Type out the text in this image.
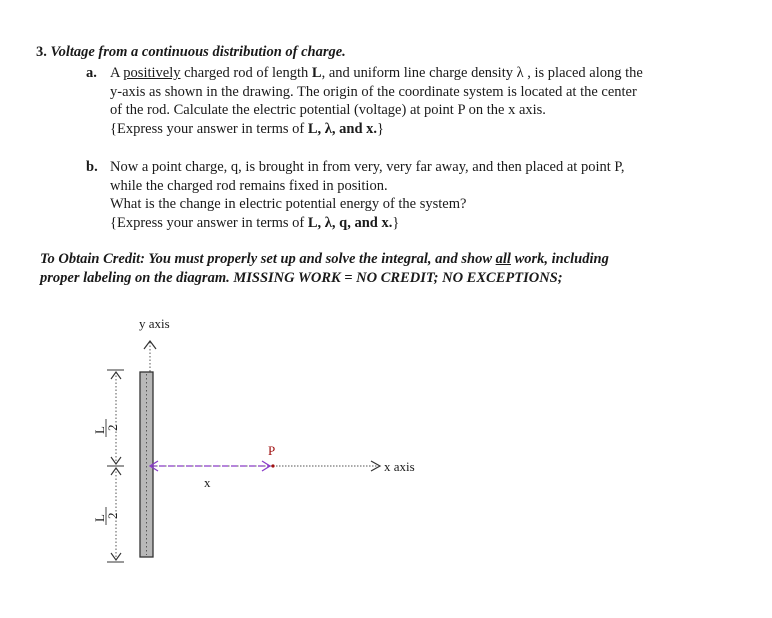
3. Voltage from a continuous distribution of charge.
a. A positively charged rod of length L, and uniform line charge density λ , is placed along the
y-axis as shown in the drawing. The origin of the coordinate system is located at the center
of the rod. Calculate the electric potential (voltage) at point P on the x axis.
{Express your answer in terms of L, λ, and x.}
b. Now a point charge, q, is brought in from very, very far away, and then placed at point P,
while the charged rod remains fixed in position.
What is the change in electric potential energy of the system?
{Express your answer in terms of L, λ, q, and x.}
To Obtain Credit: You must properly set up and solve the integral, and show all work, including
proper labeling on the diagram. MISSING WORK = NO CREDIT; NO EXCEPTIONS;
y axis
x axis
P
x
L
2
L
2
